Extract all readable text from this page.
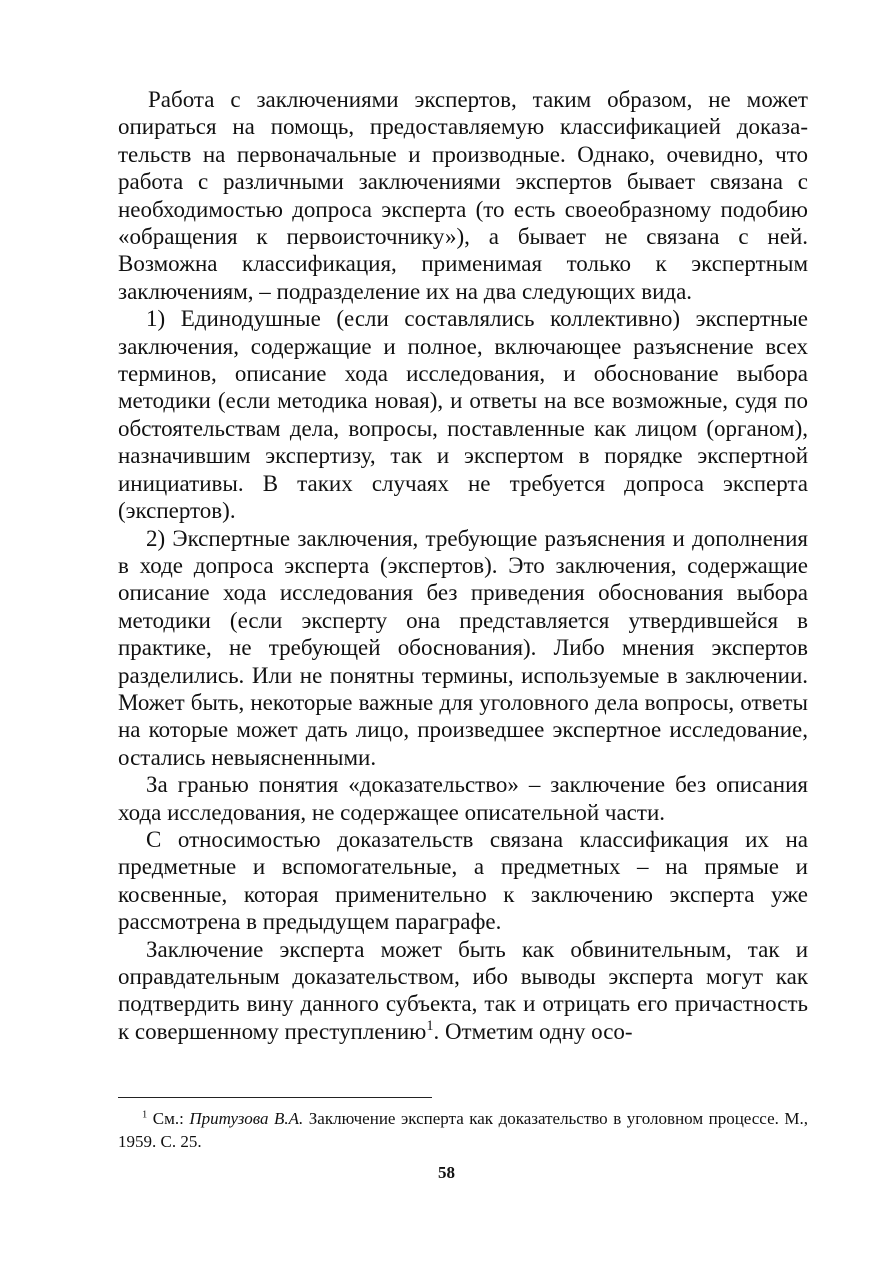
Работа с заключениями экспертов, таким образом, не может опираться на помощь, предоставляемую классификацией доказательств на первоначальные и производные. Однако, очевидно, что работа с различными заключениями экспертов бывает связана с необходимостью допроса эксперта (то есть своеобразному подобию «обращения к первоисточнику»), а бывает не связана с ней. Возможна классификация, применимая только к экспертным заключениям, – подразделение их на два следующих вида.

1) Единодушные (если составлялись коллективно) экспертные заключения, содержащие и полное, включающее разъяснение всех терминов, описание хода исследования, и обоснование выбора методики (если методика новая), и ответы на все возможные, судя по обстоятельствам дела, вопросы, поставленные как лицом (органом), назначившим экспертизу, так и экспертом в порядке экспертной инициативы. В таких случаях не требуется допроса эксперта (экспертов).

2) Экспертные заключения, требующие разъяснения и дополнения в ходе допроса эксперта (экспертов). Это заключения, содержащие описание хода исследования без приведения обоснования выбора методики (если эксперту она представляется утвердившейся в практике, не требующей обоснования). Либо мнения экспертов разделились. Или не понятны термины, используемые в заключении. Может быть, некоторые важные для уголовного дела вопросы, ответы на которые может дать лицо, произведшее экспертное исследование, остались невыясненными.

За гранью понятия «доказательство» – заключение без описания хода исследования, не содержащее описательной части.

С относимостью доказательств связана классификация их на предметные и вспомогательные, а предметных – на прямые и косвенные, которая применительно к заключению эксперта уже рассмотрена в предыдущем параграфе.

Заключение эксперта может быть как обвинительным, так и оправдательным доказательством, ибо выводы эксперта могут как подтвердить вину данного субъекта, так и отрицать его причастность к совершенному преступлению$^1$. Отметим одну осо-

$^1$ См.: Притузова В.А. Заключение эксперта как доказательство в уголовном процессе. М., 1959. С. 25.

58
